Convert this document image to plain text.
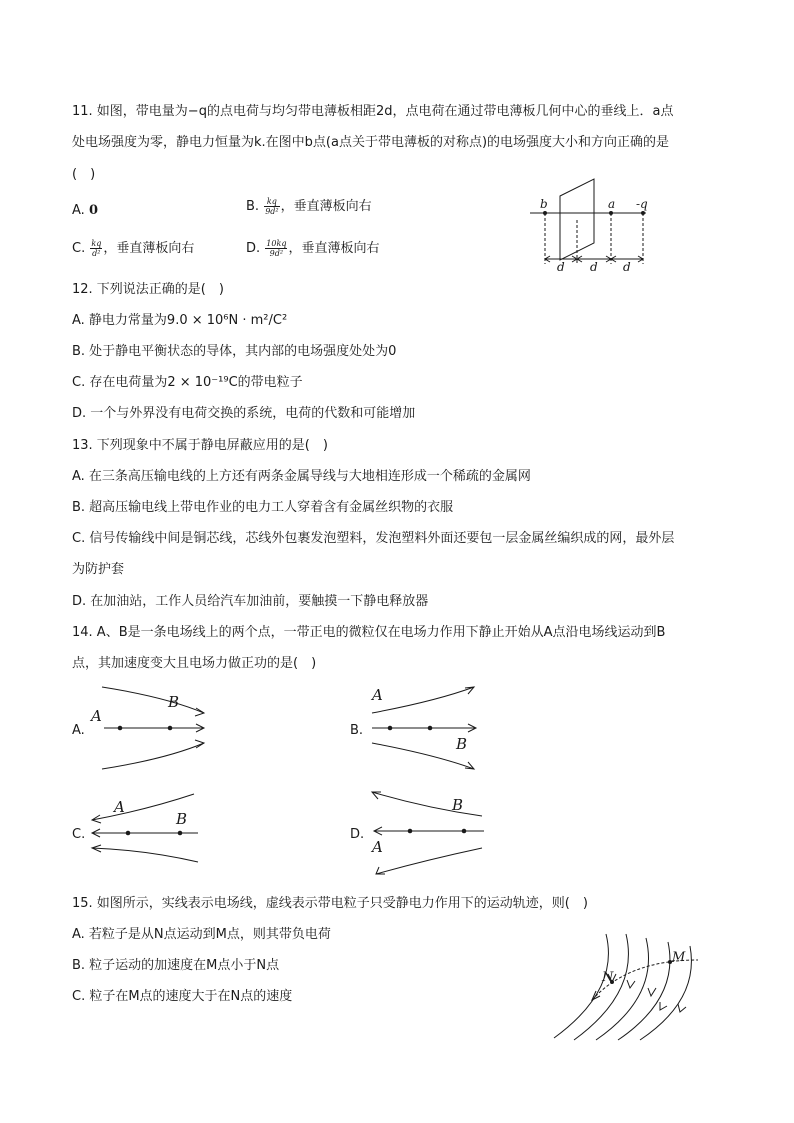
11. 如图，带电量为−q的点电荷与均匀带电薄板相距2d，点电荷在通过带电薄板几何中心的垂线上．a点
处电场强度为零，静电力恒量为k.在图中b点(a点关于带电薄板的对称点)的电场强度大小和方向正确的是
(　)
A. 0	B. $\frac{kq}{\text{9d²}}$ ，垂直薄板向右
C. $\frac{kq}{\text{d²}}$ ，垂直薄板向右	D. $\frac{10kq}{\text{9d²}}$ ，垂直薄板向右
b	a -q
d d d
12. 下列说法正确的是(　)
A. 静电力常量为9.0 × 10⁶N · m²/C²
B. 处于静电平衡状态的导体，其内部的电场强度处处为0
C. 存在电荷量为2 × 10⁻¹⁹C的带电粒子
D. 一个与外界没有电荷交换的系统，电荷的代数和可能增加
13. 下列现象中不属于静电屏蔽应用的是(　)
A. 在三条高压输电线的上方还有两条金属导线与大地相连形成一个稀疏的金属网
B. 超高压输电线上带电作业的电力工人穿着含有金属丝织物的衣服
C. 信号传输线中间是铜芯线，芯线外包裹发泡塑料，发泡塑料外面还要包一层金属丝编织成的网，最外层
为防护套
D. 在加油站，工作人员给汽车加油前，要触摸一下静电释放器
14. A、B是一条电场线上的两个点，一带正电的微粒仅在电场力作用下静止开始从A点沿电场线运动到B
点，其加速度变大且电场力做正功的是(　)
A.	B.
C.	D.
A
B	A
B
A
B
A
B
15. 如图所示，实线表示电场线，虚线表示带电粒子只受静电力作用下的运动轨迹，则(　)
A. 若粒子是从N点运动到M点，则其带负电荷
B. 粒子运动的加速度在M点小于N点
C. 粒子在M点的速度大于在N点的速度
N
M
